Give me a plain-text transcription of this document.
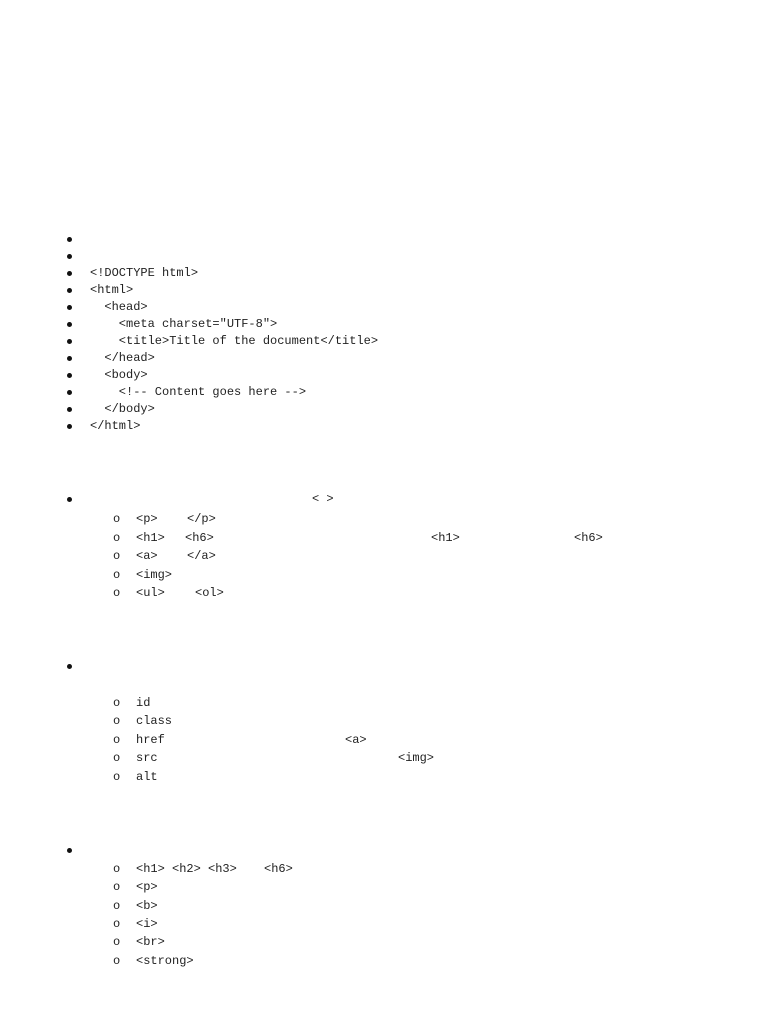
<!DOCTYPE html>
<html>
<head>
<meta charset="UTF-8">
<title>Title of the document</title>
</head>
<body>
<!-- Content goes here -->
</body>
</html>
< >
o <p> </p>
o <h1> <h6>	<h1>	<h6>
o <a> </a>
o <img>
o <ul>	<ol>
o id
o class
o href	<a>
o src	<img>
o alt
o <h1> <h2> <h3> <h6>
o <p>
o <b>
o <i>
o <br>
o <strong>
